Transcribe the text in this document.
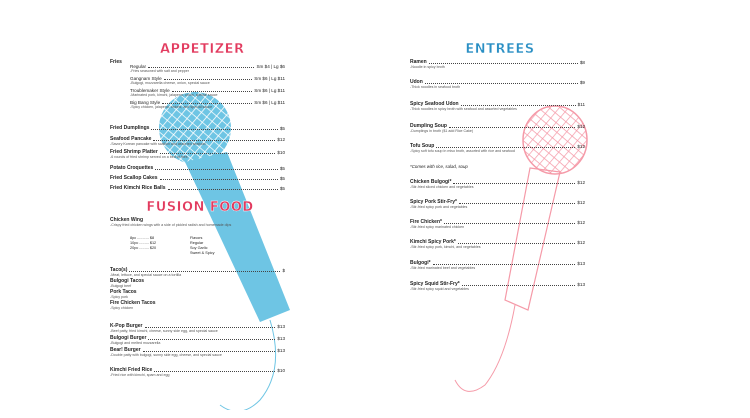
APPETIZER
Fries
Regular	Sm $4 | Lg $6
-Fries seasoned with salt and pepper
Gangnam Style	Sm $6 | Lg $11
-Bulgogi, mozzarella cheese, onion, special sauce
Troublemaker Style	Sm $6 | Lg $11
-Marinated pork, kimchi, jalapeno, onion, special sauce
Big Bang Style	Sm $6 | Lg $11
-Spicy chicken, jalapeno, onions, and special sauce
Fried Dumplings	$5
Seafood Pancake	$12
-Savory Korean pancake with scallion and assorted seafood
Fried Shrimp Platter	$10
-6 rounds of fried shrimp served on a bed of fries
Potato Croquettes	$5
Fried Scallop Cakes	$5
Fried Kimchi Rice Balls	$5
FUSION FOOD
Chicken Wing
-Crispy fried chicken wings with a side of pickled radish and homemade dips
8pc ........... $8
10pc ......... $12
20pc ......... $20
Flavors
Regular
Soy Garlic
Sweet & Spicy
Taco(s)	$
-Meat, lettuce, and special sauce on a tortilla
Bulgogi Tacos
-Bulgogi beef
Pork Tacos
-Spicy pork
Fire Chicken Tacos
-Spicy chicken
K-Pop Burger	$13
-Beef patty, fried kimchi, cheese, sunny side egg, and special sauce
Bulgogi Burger	$13
-Bulgogi and melted mozzarella
Bear! Burger	$13
-Double patty with bulgogi, sunny side egg, cheese, and special sauce
Kimchi Fried Rice	$10
-Fried rice with kimchi, spam and egg
ENTREES
Ramen	$8
-Noodle in spicy broth
Udon	$9
-Thick noodles in seafood broth
Spicy Seafood Udon	$11
-Thick noodles in spicy broth with seafood and assorted vegetables
Dumpling Soup	$12
-Dumplings in broth ($1 add Rice Cake)
Tofu Soup	$12
-Spicy soft tofu soup in miso broth, assorted with rice and seafood
*Comes with rice, salad, soup
Chicken Bulgogi*	$12
-Stir-fried sliced chicken and vegetables
Spicy Pork Stir-Fry*	$12
-Stir-fried spicy pork and vegetables
Fire Chicken*	$12
-Stir-fried spicy marinated chicken
Kimchi Spicy Pork*	$12
-Stir-fried spicy pork, kimchi, and vegetables
Bulgogi*	$13
-Stir-fried marinated beef and vegetables
Spicy Squid Stir-Fry*	$13
-Stir-fried spicy squid and vegetables
